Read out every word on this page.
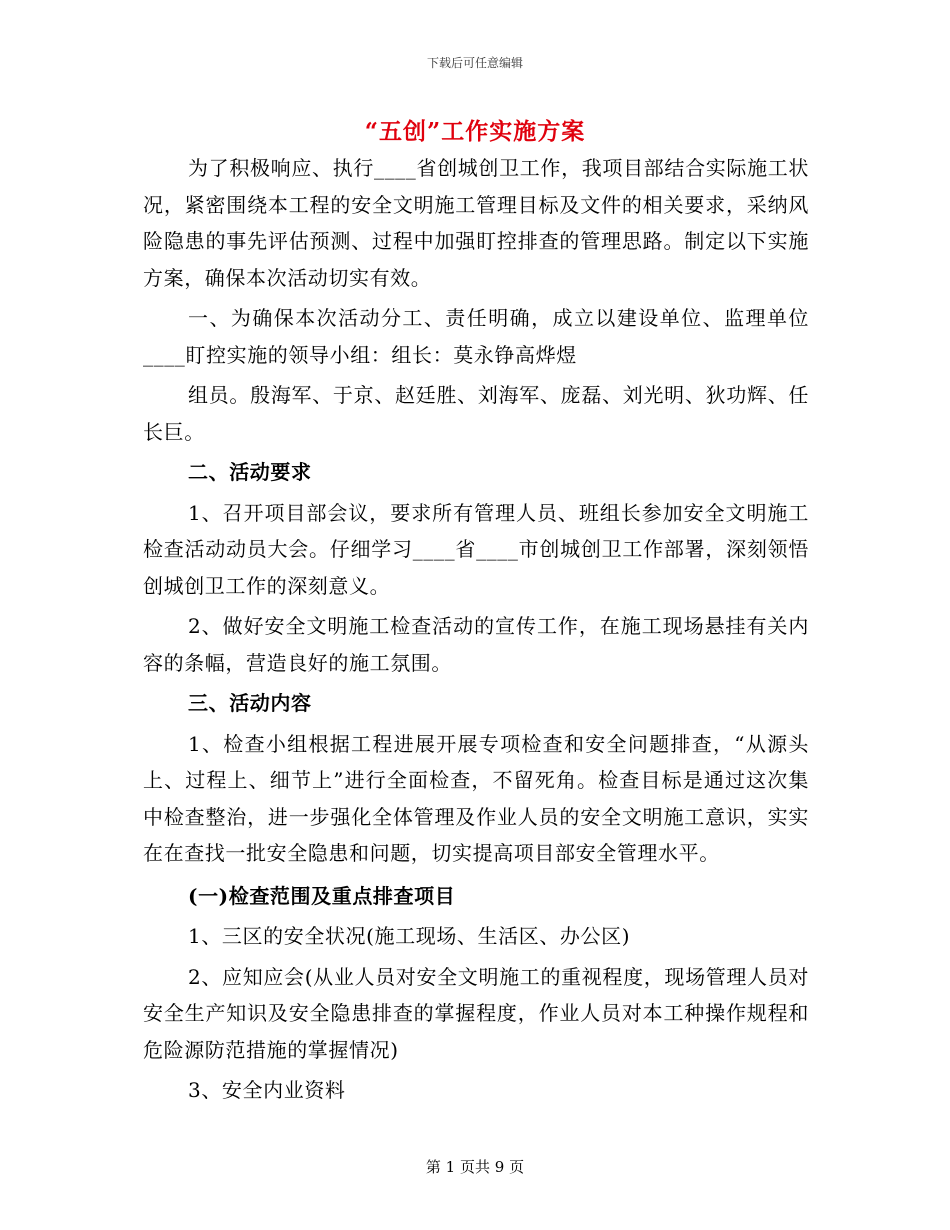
下载后可任意编辑
“五创”工作实施方案

为了积极响应、执行____省创城创卫工作，我项目部结合实际施工状况，紧密围绕本工程的安全文明施工管理目标及文件的相关要求，采纳风险隐患的事先评估预测、过程中加强盯控排查的管理思路。制定以下实施方案，确保本次活动切实有效。

一、为确保本次活动分工、责任明确，成立以建设单位、监理单位____盯控实施的领导小组：组长：莫永铮高烨煜

组员。殷海军、于京、赵廷胜、刘海军、庞磊、刘光明、狄功辉、任长巨。

二、活动要求

1、召开项目部会议，要求所有管理人员、班组长参加安全文明施工检查活动动员大会。仔细学习____省____市创城创卫工作部署，深刻领悟创城创卫工作的深刻意义。

2、做好安全文明施工检查活动的宣传工作，在施工现场悬挂有关内容的条幅，营造良好的施工氛围。

三、活动内容

1、检查小组根据工程进展开展专项检查和安全问题排查，“从源头上、过程上、细节上”进行全面检查，不留死角。检查目标是通过这次集中检查整治，进一步强化全体管理及作业人员的安全文明施工意识，实实在在查找一批安全隐患和问题，切实提高项目部安全管理水平。

(一)检查范围及重点排查项目

1、三区的安全状况(施工现场、生活区、办公区)

2、应知应会(从业人员对安全文明施工的重视程度，现场管理人员对安全生产知识及安全隐患排查的掌握程度，作业人员对本工种操作规程和危险源防范措施的掌握情况)

3、安全内业资料

第 1 页共 9 页
